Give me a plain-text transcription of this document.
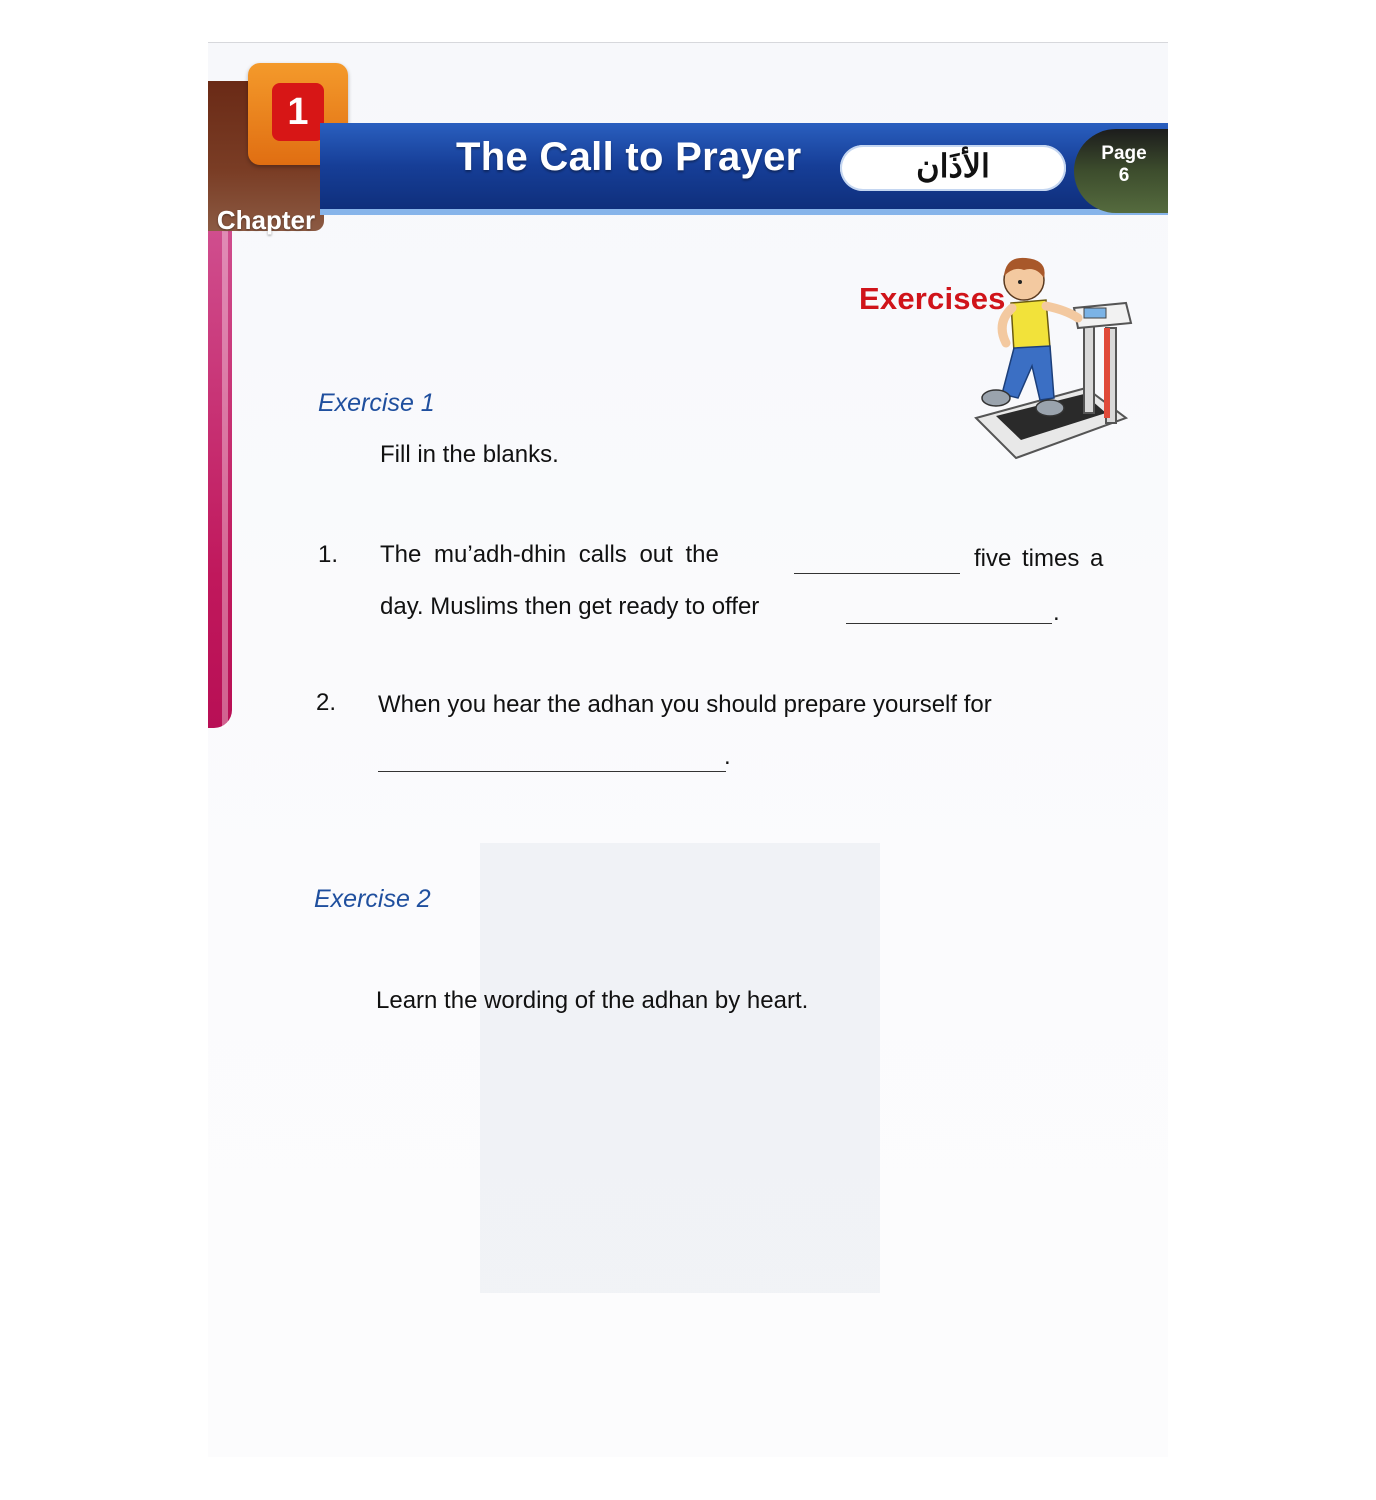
Chapter
1
The Call to Prayer	الأذَان	Page
6
Exercises
Exercise 1
Fill in the blanks.
1. The mu’adh-dhin calls out the	five times a
day. Muslims then get ready to offer	.
2. When you hear the adhan you should prepare yourself for
.
Exercise 2
Learn the wording of the adhan by heart.
